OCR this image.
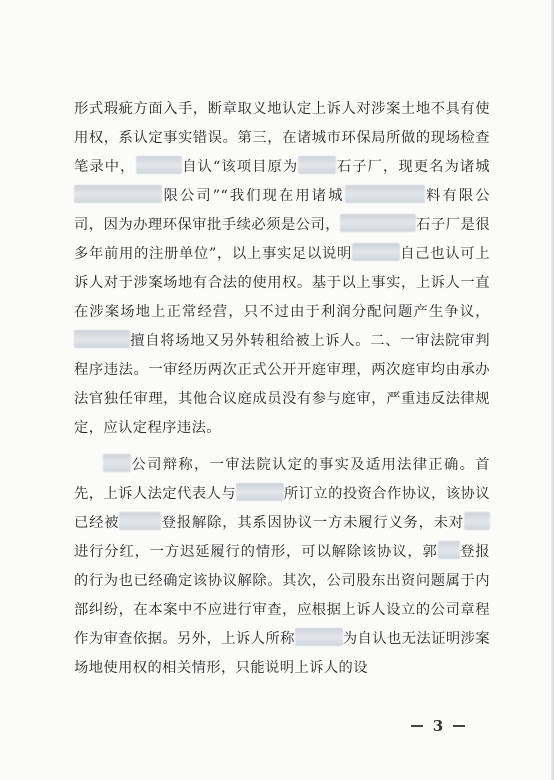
形式瑕疵方面入手，断章取义地认定上诉人对涉案土地不具有使用权，系认定事实错误。第三，在诸城市环保局所做的现场检查笔录中，	自认“该项目原为	石子厂，现更名为诸城限公司”“我们现在用诸城	料有限公司，因为办理环保审批手续必须是公司，	石子厂是很多年前用的注册单位”，以上事实足以说明	自己也认可上诉人对于涉案场地有合法的使用权。基于以上事实，上诉人一直在涉案场地上正常经营，只不过由于利润分配问题产生争议，擅自将场地又另外转租给被上诉人。二、一审法院审判程序违法。一审经历两次正式公开开庭审理，两次庭审均由承办法官独任审理，其他合议庭成员没有参与庭审，严重违反法律规定，应认定程序违法。

公司辩称，一审法院认定的事实及适用法律正确。首先，上诉人法定代表人与	所订立的投资合作协议，该协议已经被	登报解除，其系因协议一方未履行义务，未对进行分红，一方迟延履行的情形，可以解除该协议，郭 登报的行为也已经确定该协议解除。其次，公司股东出资问题属于内部纠纷，在本案中不应进行审查，应根据上诉人设立的公司章程作为审查依据。另外，上诉人所称	为自认也无法证明涉案场地使用权的相关情形，只能说明上诉人的设

3
